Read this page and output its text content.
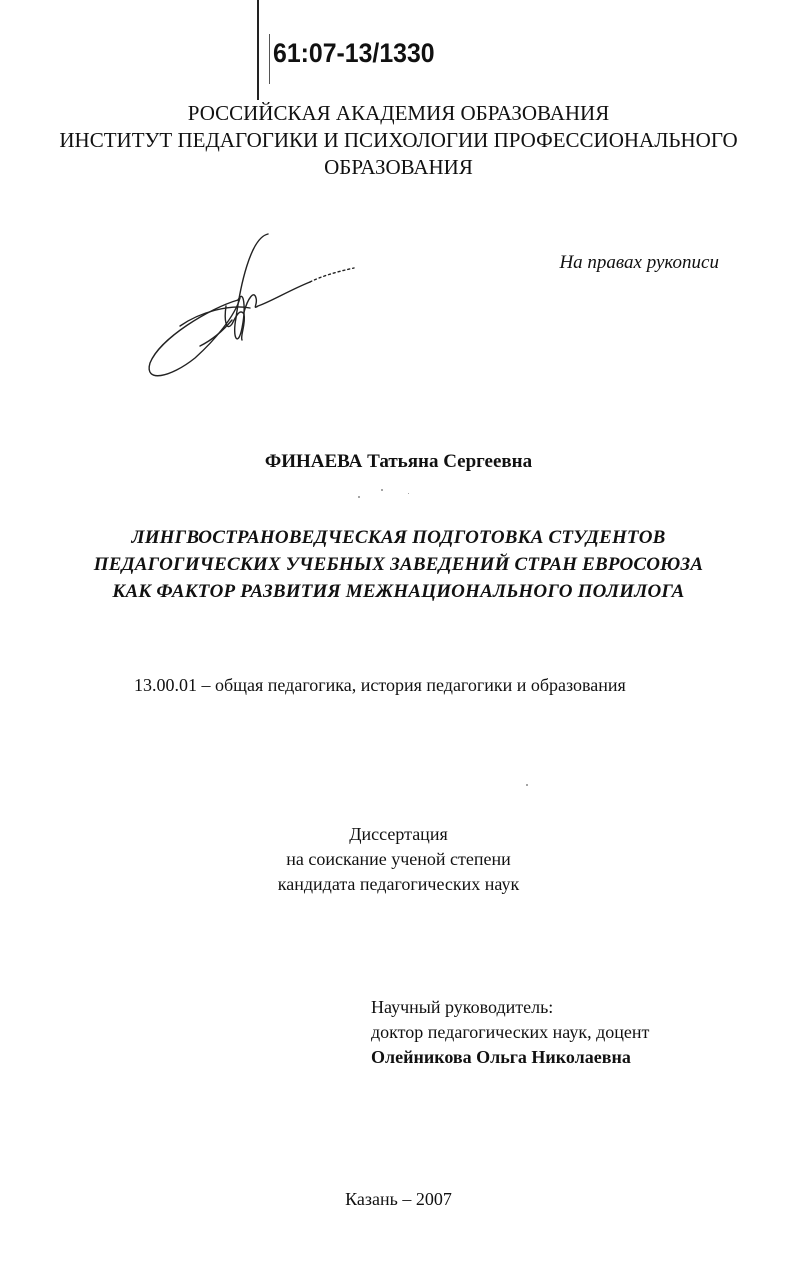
61:07-13/1330
РОССИЙСКАЯ АКАДЕМИЯ ОБРАЗОВАНИЯ
ИНСТИТУТ ПЕДАГОГИКИ И ПСИХОЛОГИИ ПРОФЕССИОНАЛЬНОГО
ОБРАЗОВАНИЯ
На правах рукописи
ФИНАЕВА Татьяна Сергеевна
ЛИНГВОСТРАНОВЕДЧЕСКАЯ ПОДГОТОВКА СТУДЕНТОВ
ПЕДАГОГИЧЕСКИХ УЧЕБНЫХ ЗАВЕДЕНИЙ СТРАН ЕВРОСОЮЗА
КАК ФАКТОР РАЗВИТИЯ МЕЖНАЦИОНАЛЬНОГО ПОЛИЛОГА
13.00.01 – общая педагогика, история педагогики и образования
Диссертация
на соискание ученой степени
кандидата педагогических наук
Научный руководитель:
доктор педагогических наук, доцент
Олейникова Ольга Николаевна
Казань – 2007
